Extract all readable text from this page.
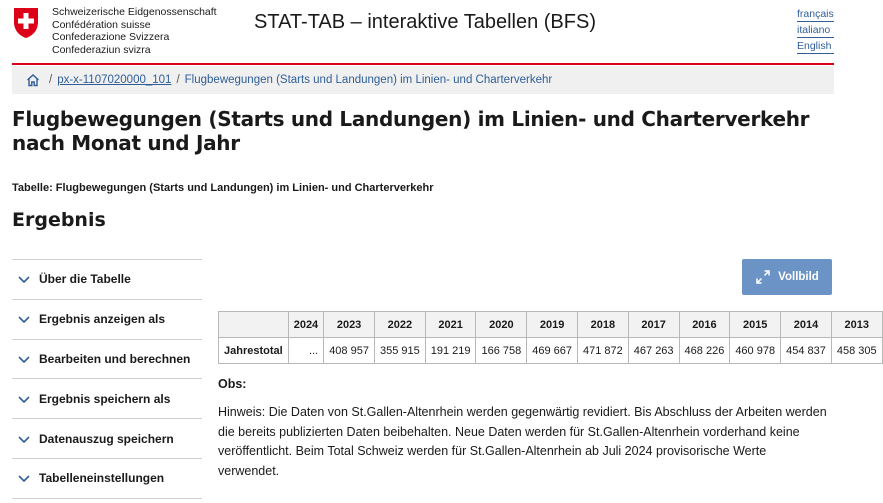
Schweizerische Eidgenossenschaft
Confédération suisse
Confederazione Svizzera
Confederaziun svizra
STAT-TAB – interaktive Tabellen (BFS)	français
italiano
English
/ px-x-1107020000_101 / Flugbewegungen (Starts und Landungen) im Linien- und Charterverkehr
Flugbewegungen (Starts und Landungen) im Linien- und Charterverkehr nach Monat und Jahr
Tabelle: Flugbewegungen (Starts und Landungen) im Linien- und Charterverkehr
Ergebnis
Über die Tabelle
Ergebnis anzeigen als
Bearbeiten und berechnen
Ergebnis speichern als
Datenauszug speichern
Tabelleneinstellungen
Vollbild
	2024	2023	2022	2021	2020	2019	2018	2017	2016	2015	2014	2013
Jahrestotal	...	408 957	355 915	191 219	166 758	469 667	471 872	467 263	468 226	460 978	454 837	458 305
Obs:

Hinweis: Die Daten von St.Gallen-Altenrhein werden gegenwärtig revidiert. Bis Abschluss der Arbeiten werden die bereits publizierten Daten beibehalten. Neue Daten werden für St.Gallen-Altenrhein vorderhand keine veröffentlicht. Beim Total Schweiz werden für St.Gallen-Altenrhein ab Juli 2024 provisorische Werte verwendet.
